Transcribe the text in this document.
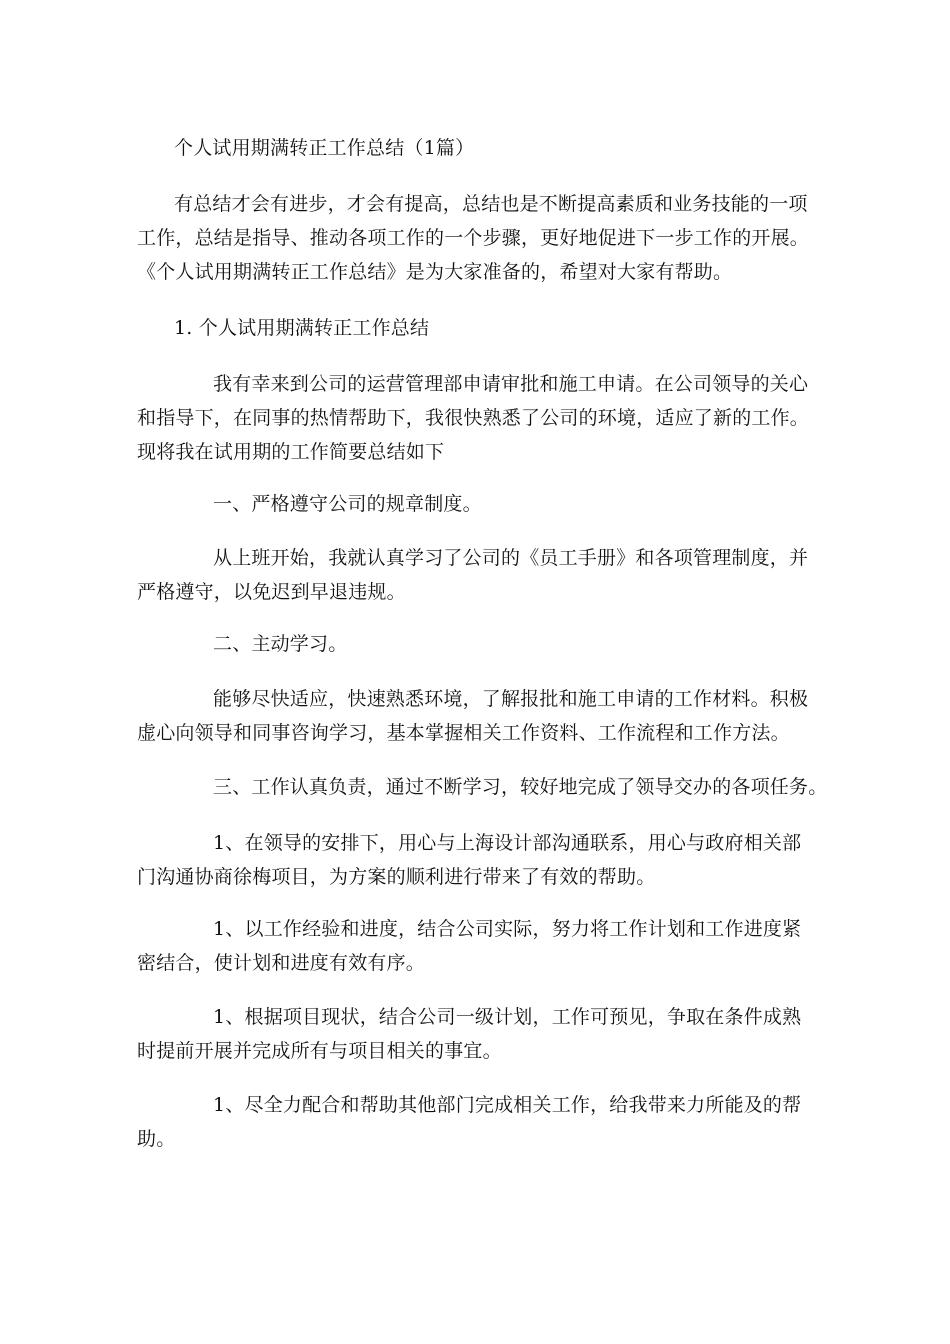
个人试用期满转正工作总结（1篇）

有总结才会有进步，才会有提高，总结也是不断提高素质和业务技能的一项

工作，总结是指导、推动各项工作的一个步骤，更好地促进下一步工作的开展。

《个人试用期满转正工作总结》是为大家准备的，希望对大家有帮助。

1. 个人试用期满转正工作总结

我有幸来到公司的运营管理部申请审批和施工申请。在公司领导的关心

和指导下，在同事的热情帮助下，我很快熟悉了公司的环境，适应了新的工作。

现将我在试用期的工作简要总结如下

一、严格遵守公司的规章制度。

从上班开始，我就认真学习了公司的《员工手册》和各项管理制度，并

严格遵守，以免迟到早退违规。

二、主动学习。

能够尽快适应，快速熟悉环境，了解报批和施工申请的工作材料。积极

虚心向领导和同事咨询学习，基本掌握相关工作资料、工作流程和工作方法。

三、工作认真负责，通过不断学习，较好地完成了领导交办的各项任务。

1、在领导的安排下，用心与上海设计部沟通联系，用心与政府相关部

门沟通协商徐梅项目，为方案的顺利进行带来了有效的帮助。

1、以工作经验和进度，结合公司实际，努力将工作计划和工作进度紧

密结合，使计划和进度有效有序。

1、根据项目现状，结合公司一级计划，工作可预见，争取在条件成熟

时提前开展并完成所有与项目相关的事宜。

1、尽全力配合和帮助其他部门完成相关工作，给我带来力所能及的帮

助。
